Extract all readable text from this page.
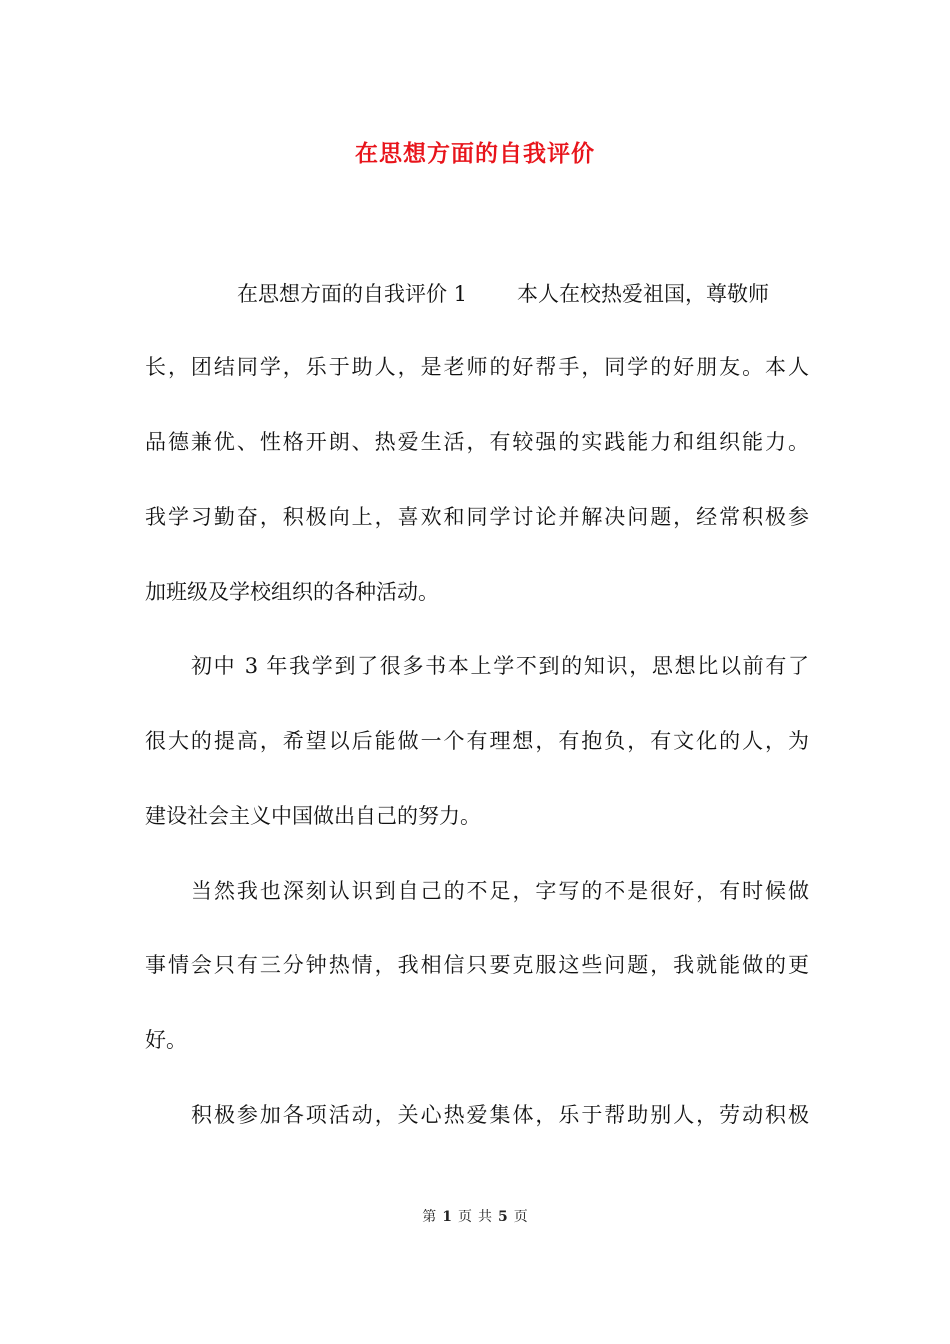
在思想方面的自我评价
在思想方面的自我评价 1 本人在校热爱祖国，尊敬师
长，团结同学，乐于助人，是老师的好帮手，同学的好朋友。本人
品德兼优、性格开朗、热爱生活，有较强的实践能力和组织能力。
我学习勤奋，积极向上，喜欢和同学讨论并解决问题，经常积极参
加班级及学校组织的各种活动。
初中 3 年我学到了很多书本上学不到的知识，思想比以前有了
很大的提高，希望以后能做一个有理想，有抱负，有文化的人，为
建设社会主义中国做出自己的努力。
当然我也深刻认识到自己的不足，字写的不是很好，有时候做
事情会只有三分钟热情，我相信只要克服这些问题，我就能做的更
好。
积极参加各项活动，关心热爱集体，乐于帮助别人，劳动积极
第 1 页 共 5 页
